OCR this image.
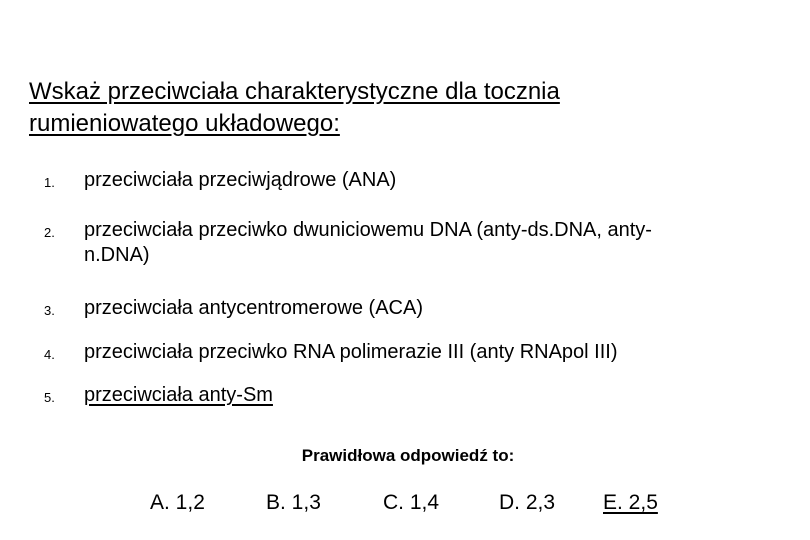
Wskaż przeciwciała charakterystyczne dla tocznia
rumieniowatego układowego:
1.	przeciwciała przeciwjądrowe (ANA)
2.	przeciwciała przeciwko dwuniciowemu DNA (anty-ds.DNA, anty-
n.DNA)
3.	przeciwciała antycentromerowe (ACA)
4.	przeciwciała przeciwko RNA polimerazie III (anty RNApol III)
5.	przeciwciała anty-Sm
Prawidłowa odpowiedź to:
A. 1,2	B. 1,3	C. 1,4	D. 2,3 E. 2,5
